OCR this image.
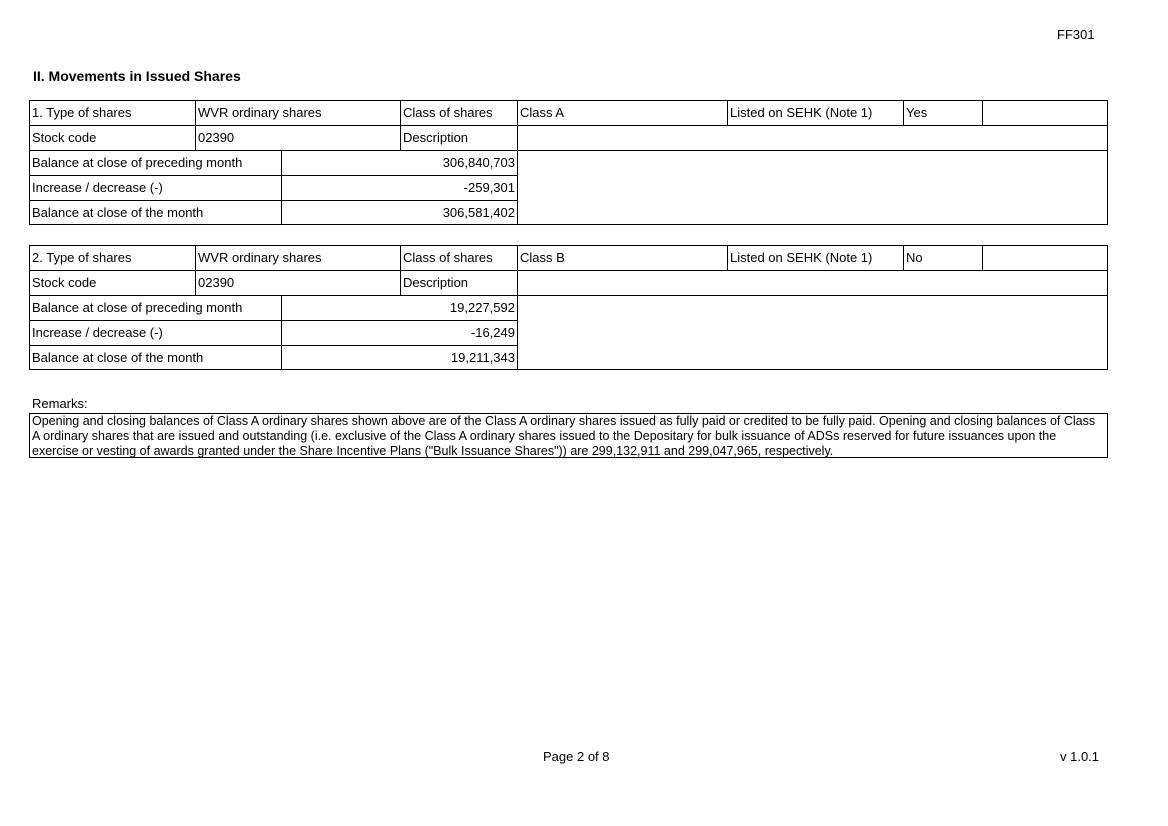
FF301
II. Movements in Issued Shares
1. Type of shares	WVR ordinary shares	Class of shares	Class A	Listed on SEHK (Note 1)	Yes
Stock code	02390	Description
Balance at close of preceding month	306,840,703
Increase / decrease (-)	-259,301
Balance at close of the month	306,581,402
2. Type of shares	WVR ordinary shares	Class of shares	Class B	Listed on SEHK (Note 1)	No
Stock code	02390	Description
Balance at close of preceding month	19,227,592
Increase / decrease (-)	-16,249
Balance at close of the month	19,211,343
Remarks:
Opening and closing balances of Class A ordinary shares shown above are of the Class A ordinary shares issued as fully paid or credited to be fully paid. Opening and closing balances of Class A ordinary shares that are issued and outstanding (i.e. exclusive of the Class A ordinary shares issued to the Depositary for bulk issuance of ADSs reserved for future issuances upon the exercise or vesting of awards granted under the Share Incentive Plans ("Bulk Issuance Shares")) are 299,132,911 and 299,047,965, respectively.
Page 2 of 8	v 1.0.1
